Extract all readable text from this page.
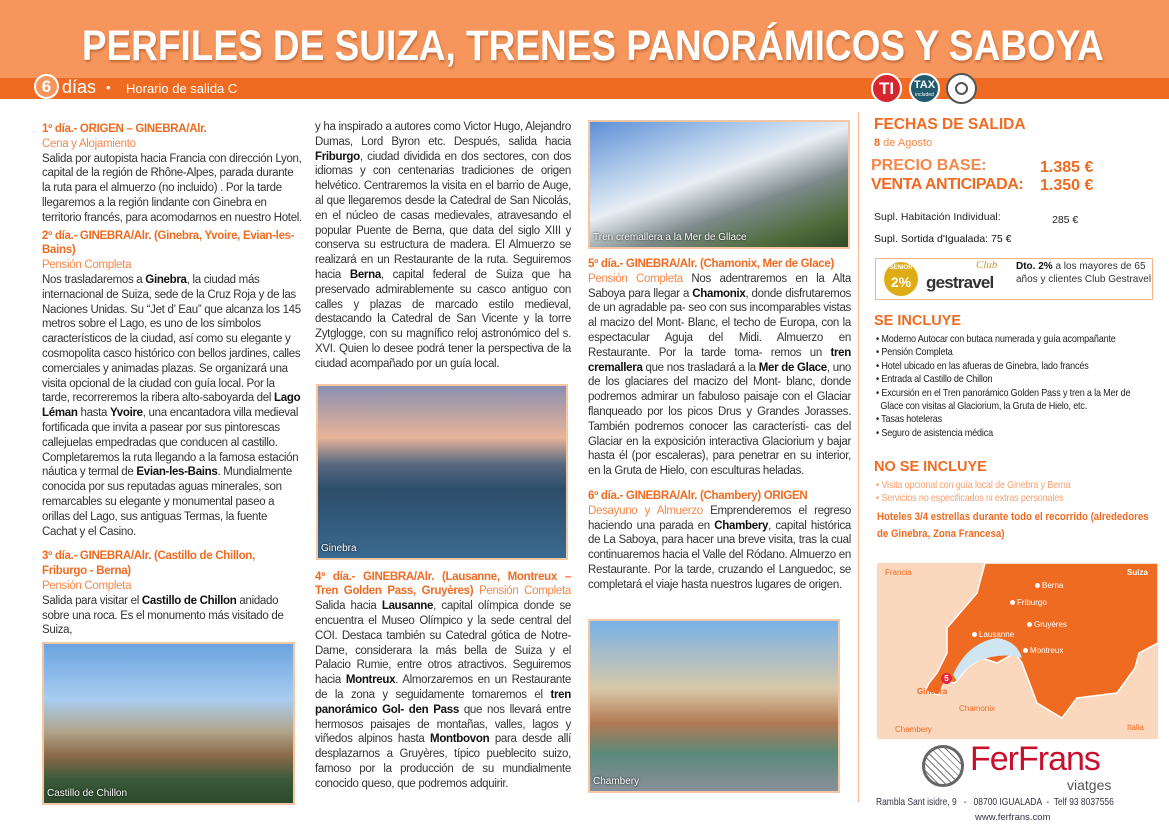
PERFILES DE SUIZA, TRENES PANORÁMICOS Y SABOYA
6 días • Horario de salida C	TI	TAX
included

1º día.- ORIGEN – GINEBRA/Alr.

Cena y Alojamiento

Salida por autopista hacia Francia con dirección Lyon, capital de la región de Rhône-Alpes, parada durante la ruta para el almuerzo (no incluido) . Por la tarde llegaremos a la región lindante con Ginebra en territorio francés, para acomodarnos en nuestro Hotel.

2º día.- GINEBRA/Alr. (Ginebra, Yvoire, Evian-les-Bains)

Pensión Completa

Nos trasladaremos a Ginebra, la ciudad más internacional de Suiza, sede de la Cruz Roja y de las Naciones Unidas. Su “Jet d’ Eau” que alcanza los 145 metros sobre el Lago, es uno de los símbolos característicos de la ciudad, así como su elegante y cosmopolita casco histórico con bellos jardines, calles comerciales y animadas plazas. Se organizará una visita opcional de la ciudad con guía local. Por la tarde, recorreremos la ribera alto-saboyarda del Lago Léman hasta Yvoire, una encantadora villa medieval fortificada que invita a pasear por sus pintorescas callejuelas empedradas que conducen al castillo. Completaremos la ruta llegando a la famosa estación náutica y termal de Evian-les-Bains. Mundialmente conocida por sus reputadas aguas minerales, son remarcables su elegante y monumental paseo a orillas del Lago, sus antiguas Termas, la fuente Cachat y el Casino.

3º día.- GINEBRA/Alr. (Castillo de Chillon, Friburgo - Berna)

Pensión Completa

Salida para visitar el Castillo de Chillon anidado sobre una roca. Es el monumento más visitado de Suiza,

Castillo de Chillon

y ha inspirado a autores como Victor Hugo, Alejandro Dumas, Lord Byron etc. Después, salida hacia Friburgo, ciudad dividida en dos sectores, con dos idiomas y con centenarias tradiciones de origen helvético. Centraremos la visita en el barrio de Auge, al que llegaremos desde la Catedral de San Nicolás, en el núcleo de casas medievales, atravesando el popular Puente de Berna, que data del siglo XIII y conserva su estructura de madera. El Almuerzo se realizará en un Restaurante de la ruta. Seguiremos hacia Berna, capital federal de Suiza que ha preservado admirablemente su casco antiguo con calles y plazas de marcado estilo medieval, destacando la Catedral de San Vicente y la torre Zytglogge, con su magnífico reloj astronómico del s. XVI. Quien lo desee podrá tener la perspectiva de la ciudad acompañado por un guía local.

Ginebra

4º día.- GINEBRA/Alr. (Lausanne, Montreux – Tren Golden Pass, Gruyères) Pensión Completa Salida hacia Lausanne, capital olímpica donde se encuentra el Museo Olímpico y la sede central del COI. Destaca también su Catedral gótica de Notre-Dame, considerara la más bella de Suiza y el Palacio Rumie, entre otros atractivos. Seguiremos hacia Montreux. Almorzaremos en un Restaurante de la zona y seguidamente tomaremos el tren panorámico Gol- den Pass que nos llevará entre hermosos paisajes de montañas, valles, lagos y viñedos alpinos hasta Montbovon para desde allí desplazarnos a Gruyères, típico pueblecito suizo, famoso por la producción de su mundialmente conocido queso, que podremos adquirir.

Tren cremallera a la Mer de Gllace

5º día.- GINEBRA/Alr. (Chamonix, Mer de Glace)
Pensión Completa Nos adentraremos en la Alta Saboya para llegar a Chamonix, donde disfrutaremos de un agradable pa- seo con sus incomparables vistas al macizo del Mont- Blanc, el techo de Europa, con la espectacular Aguja del Midi. Almuerzo en Restaurante. Por la tarde toma- remos un tren cremallera que nos trasladará a la Mer de Glace, uno de los glaciares del macizo del Mont- blanc, donde podremos admirar un fabuloso paisaje con el Glaciar flanqueado por los picos Drus y Grandes Jorasses. También podremos conocer las característi- cas del Glaciar en la exposición interactiva Glaciorium y bajar hasta él (por escaleras), para penetrar en su interior, en la Gruta de Hielo, con esculturas heladas.

6º día.- GINEBRA/Alr. (Chambery) ORIGEN
Desayuno y Almuerzo Emprenderemos el regreso haciendo una parada en Chambery, capital histórica de La Saboya, para hacer una breve visita, tras la cual continuaremos hacia el Valle del Ródano. Almuerzo en Restaurante. Por la tarde, cruzando el Languedoc, se completará el viaje hasta nuestros lugares de origen.

Chambery
FECHAS DE SALIDA
8 de Agosto
PRECIO BASE:	1.385 €
VENTA ANTICIPADA: 1.350 €
Supl. Habitación Individual:	285 €
Supl. Sortida d'Igualada: 75 €
SENIOR
2%
Club
gestravel
Dto. 2% a los mayores de 65 años y clientes Club Gestravel
SE INCLUYE
• Moderno Autocar con butaca numerada y guía acompañante
• Pensión Completa
• Hotel ubicado en las afueras de Ginebra, lado francés
• Entrada al Castillo de Chillon
• Excursión en el Tren panorámico Golden Pass y tren a la Mer de
Glace con visitas al Glaciorium, la Gruta de Hielo, etc.
• Tasas hoteleras
• Seguro de asistencia médica
NO SE INCLUYE
• Visita opcional con guía local de Ginebra y Berna
• Servicios no especificados ni extras personales
Hoteles 3/4 estrellas durante todo el recorrido (alrededores de Ginebra, Zona Francesa)
Francia	Suiza
Italia
Berna
Friburgo
Gruyères
Lausanne
Montreux
5
Ginebra
Chamonix
Chambery
FerFrans
viatges
Rambla Sant isidre, 9   -   08700 IGUALADA  -  Telf 93 8037556
www.ferfrans.com
